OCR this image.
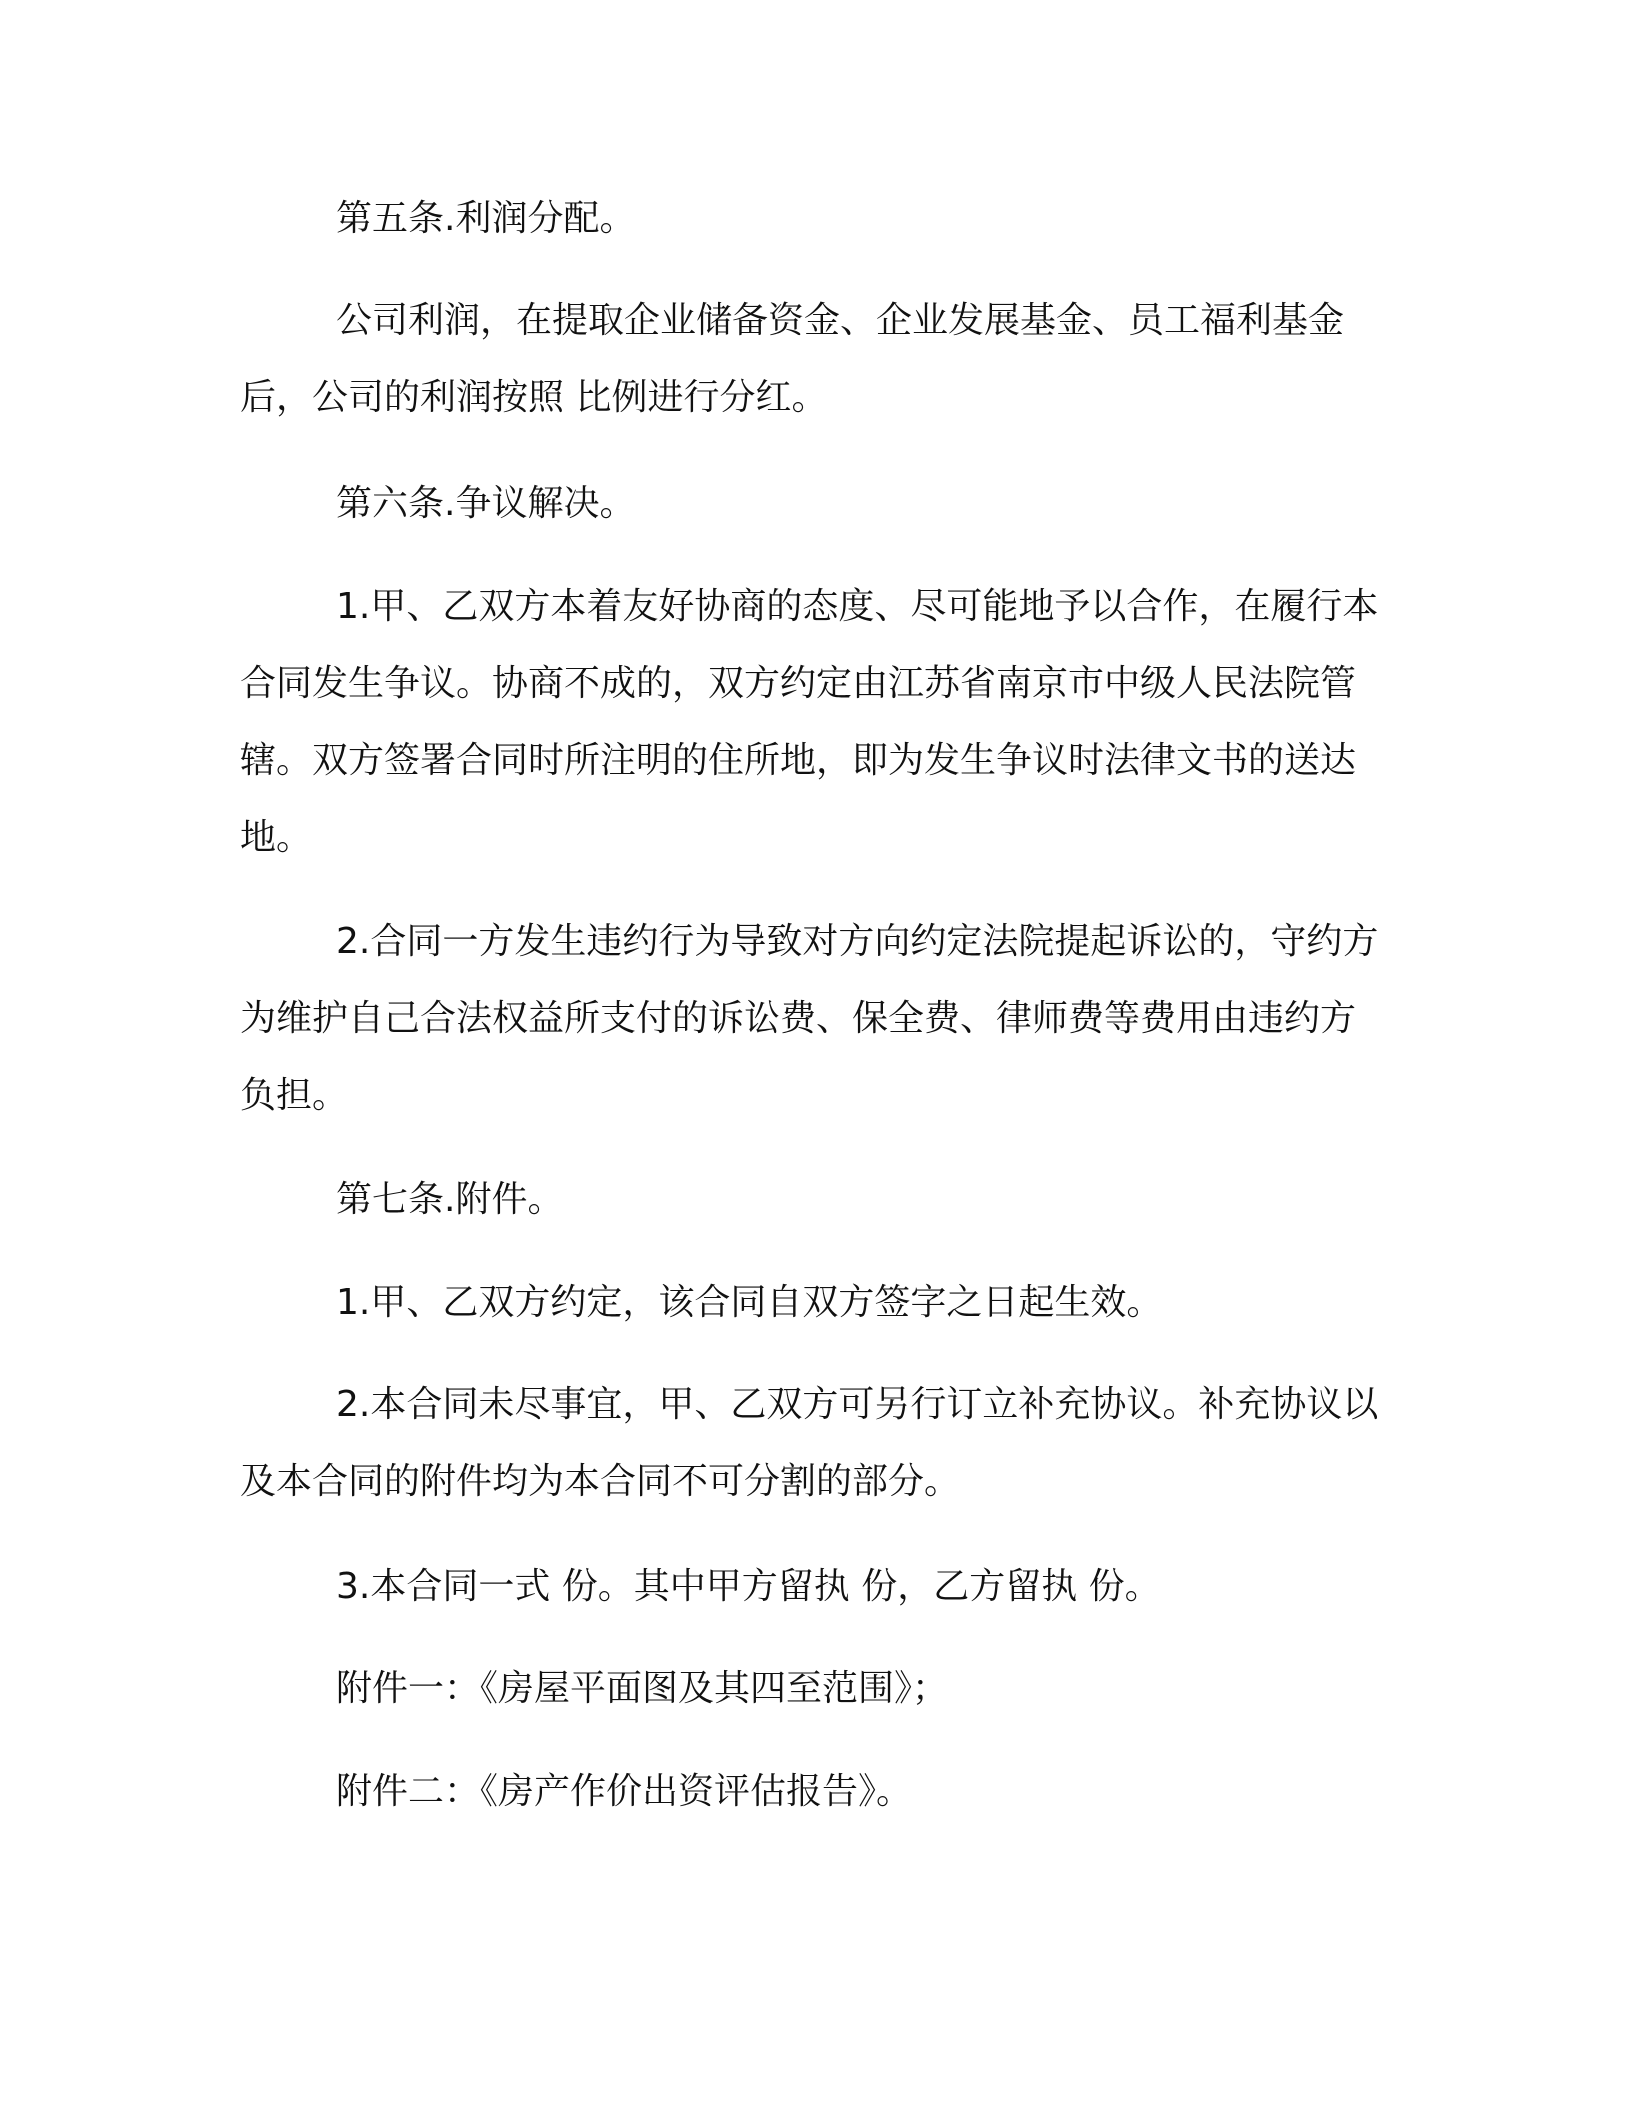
第五条.利润分配。

公司利润，在提取企业储备资金、企业发展基金、员工福利基金后，公司的利润按照 比例进行分红。

第六条.争议解决。

1.甲、乙双方本着友好协商的态度、尽可能地予以合作，在履行本合同发生争议。协商不成的，双方约定由江苏省南京市中级人民法院管辖。双方签署合同时所注明的住所地，即为发生争议时法律文书的送达地。

2.合同一方发生违约行为导致对方向约定法院提起诉讼的，守约方为维护自己合法权益所支付的诉讼费、保全费、律师费等费用由违约方负担。

第七条.附件。

1.甲、乙双方约定，该合同自双方签字之日起生效。

2.本合同未尽事宜，甲、乙双方可另行订立补充协议。补充协议以及本合同的附件均为本合同不可分割的部分。

3.本合同一式 份。其中甲方留执 份，乙方留执 份。

附件一：《房屋平面图及其四至范围》；

附件二：《房产作价出资评估报告》。
